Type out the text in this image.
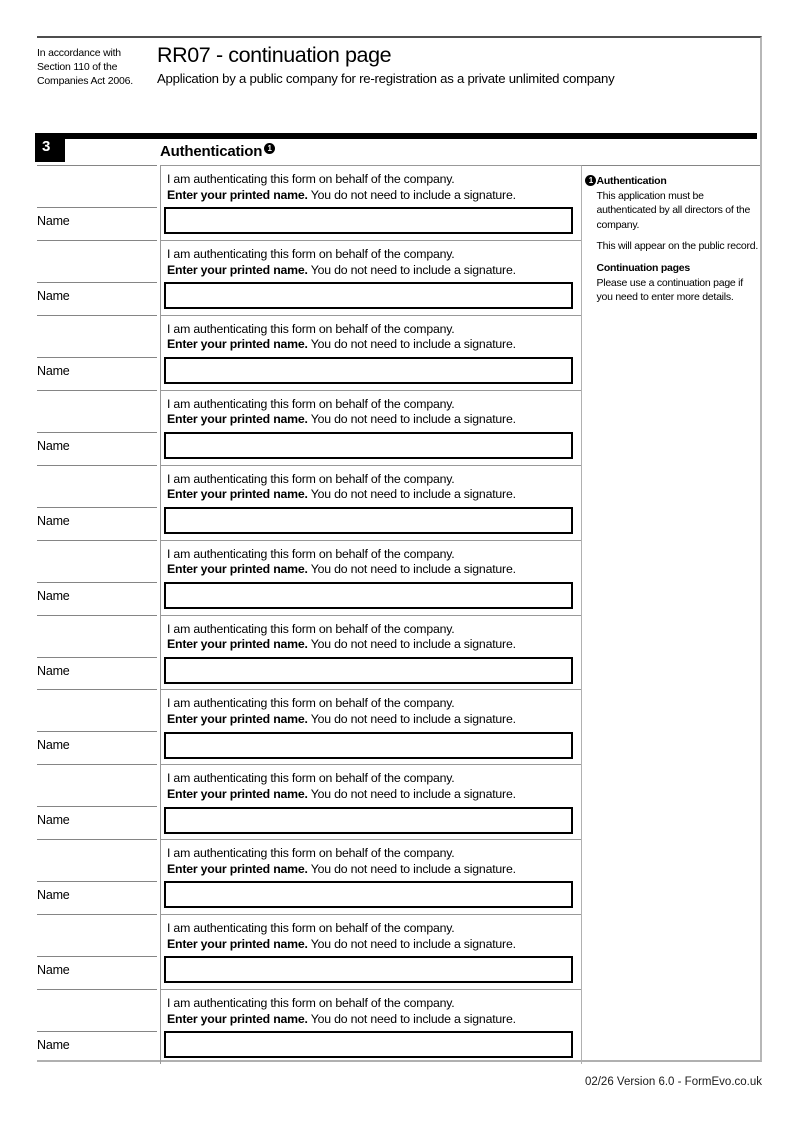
In accordance with
Section 110 of the
Companies Act 2006.
RR07 - continuation page
Application by a public company for re-registration as a private unlimited company
3	Authentication 1
Name
I am authenticating this form on behalf of the company.
Enter your printed name. You do not need to include a signature.
Name
I am authenticating this form on behalf of the company.
Enter your printed name. You do not need to include a signature.
Name
I am authenticating this form on behalf of the company.
Enter your printed name. You do not need to include a signature.
Name
I am authenticating this form on behalf of the company.
Enter your printed name. You do not need to include a signature.
Name
I am authenticating this form on behalf of the company.
Enter your printed name. You do not need to include a signature.
Name
I am authenticating this form on behalf of the company.
Enter your printed name. You do not need to include a signature.
Name
I am authenticating this form on behalf of the company.
Enter your printed name. You do not need to include a signature.
Name
I am authenticating this form on behalf of the company.
Enter your printed name. You do not need to include a signature.
Name
I am authenticating this form on behalf of the company.
Enter your printed name. You do not need to include a signature.
Name
I am authenticating this form on behalf of the company.
Enter your printed name. You do not need to include a signature.
Name
I am authenticating this form on behalf of the company.
Enter your printed name. You do not need to include a signature.
Name
I am authenticating this form on behalf of the company.
Enter your printed name. You do not need to include a signature.
1 Authentication
This application must be authenticated by all directors of the company.
This will appear on the public record.
Continuation pages
Please use a continuation page if you need to enter more details.
02/26 Version 6.0 - FormEvo.co.uk
